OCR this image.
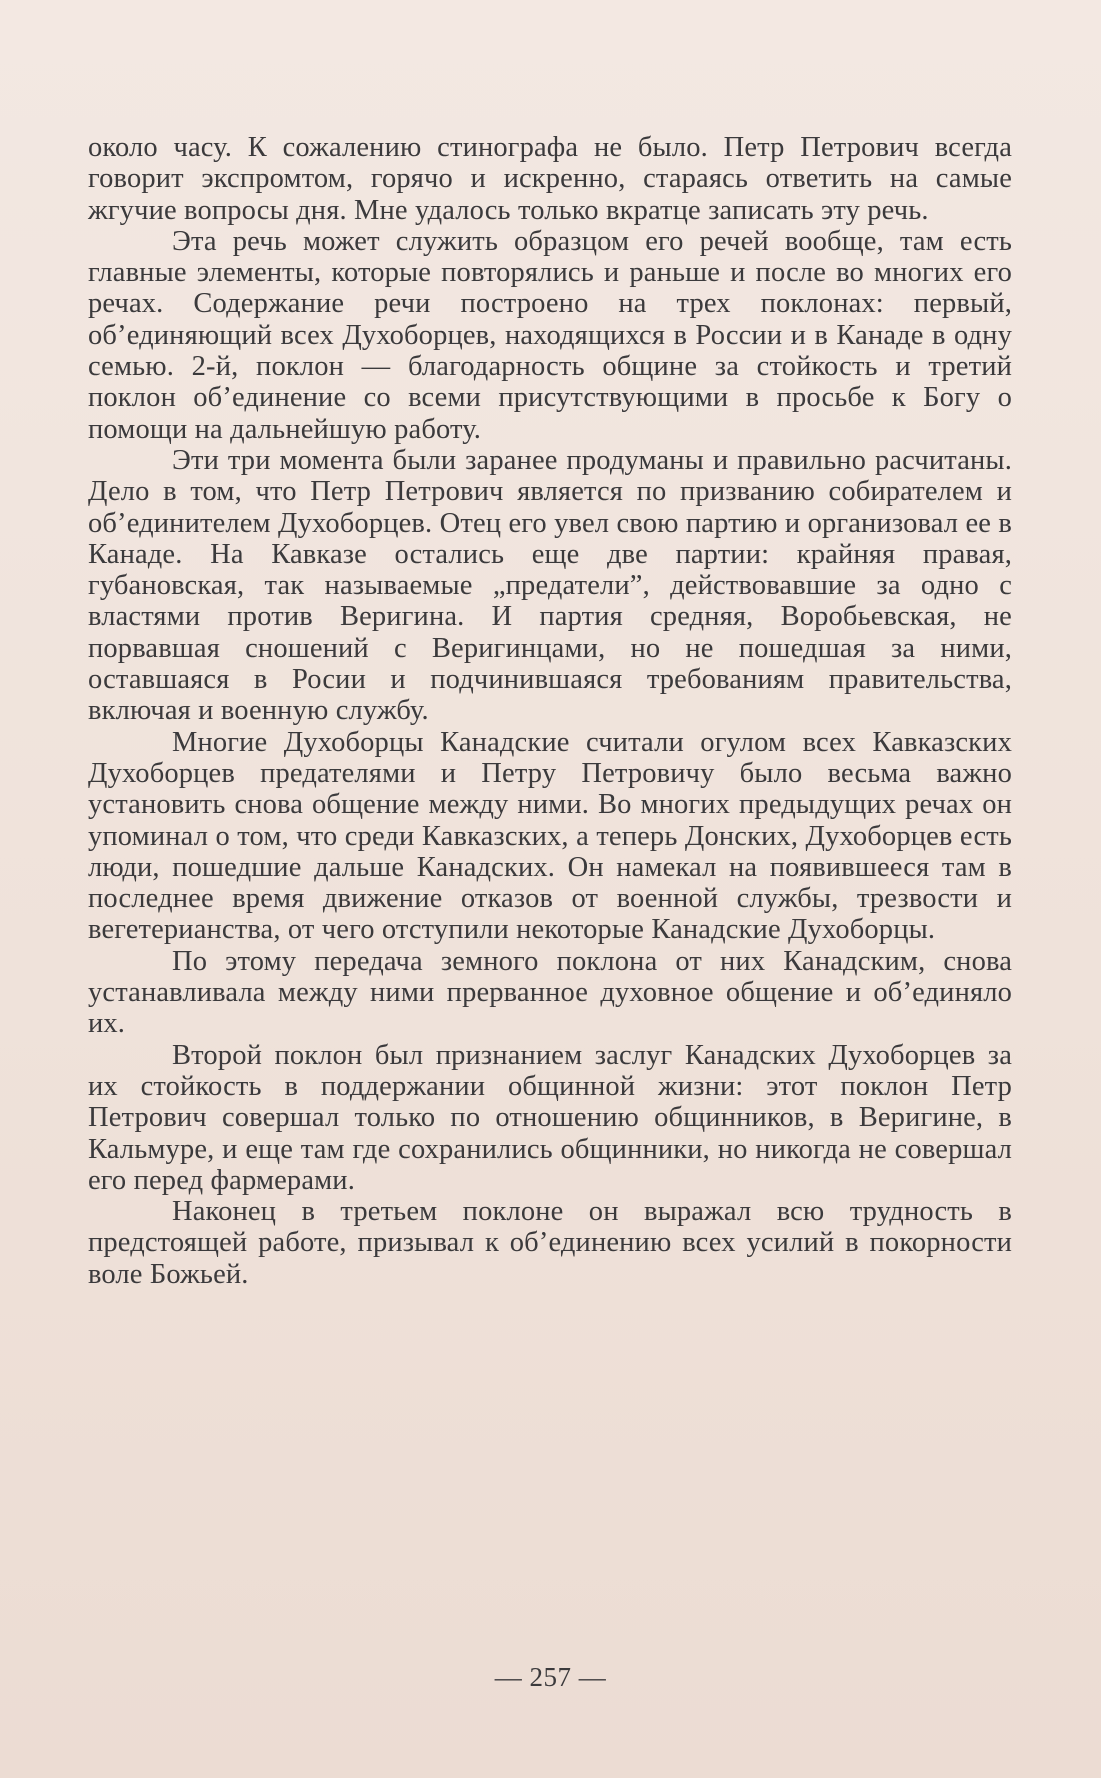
около часу. К сожалению стинографа не было. Петр Петрович всегда говорит экспромтом, горячо и искренно, стараясь ответить на самые жгучие вопросы дня. Мне удалось только вкратце записать эту речь.

Эта речь может служить образцом его речей вообще, там есть главные элементы, которые повторялись и раньше и после во многих его речах. Содержание речи построено на трех поклонах: первый, об’единяющий всех Духоборцев, находящихся в России и в Канаде в одну семью. 2-й, поклон — благодарность общине за стойкость и третий поклон об’единение со всеми присутствующими в просьбе к Богу о помощи на дальнейшую работу.

Эти три момента были заранее продуманы и правильно расчитаны. Дело в том, что Петр Петрович является по призванию собирателем и об’единителем Духоборцев. Отец его увел свою партию и организовал ее в Канаде. На Кавказе остались еще две партии: крайняя правая, губановская, так называемые „предатели”, действовавшие за одно с властями против Веригина. И партия средняя, Воробьевская, не порвавшая сношений с Веригинцами, но не пошедшая за ними, оставшаяся в Росии и подчинившаяся требованиям правительства, включая и военную службу.

Многие Духоборцы Канадские считали огулом всех Кавказских Духоборцев предателями и Петру Петровичу было весьма важно установить снова общение между ними. Во многих предыдущих речах он упоминал о том, что среди Кавказских, а теперь Донских, Духоборцев есть люди, пошедшие дальше Канадских. Он намекал на появившееся там в последнее время движение отказов от военной службы, трезвости и вегетерианства, от чего отступили некоторые Канадские Духоборцы.

По этому передача земного поклона от них Канадским, снова устанавливала между ними прерванное духовное общение и об’единяло их.

Второй поклон был признанием заслуг Канадских Духоборцев за их стойкость в поддержании общинной жизни: этот поклон Петр Петрович совершал только по отношению общинников, в Веригине, в Кальмуре, и еще там где сохранились общинники, но никогда не совершал его перед фармерами.

Наконец в третьем поклоне он выражал всю трудность в предстоящей работе, призывал к об’единению всех усилий в покорности воле Божьей.

— 257 —
